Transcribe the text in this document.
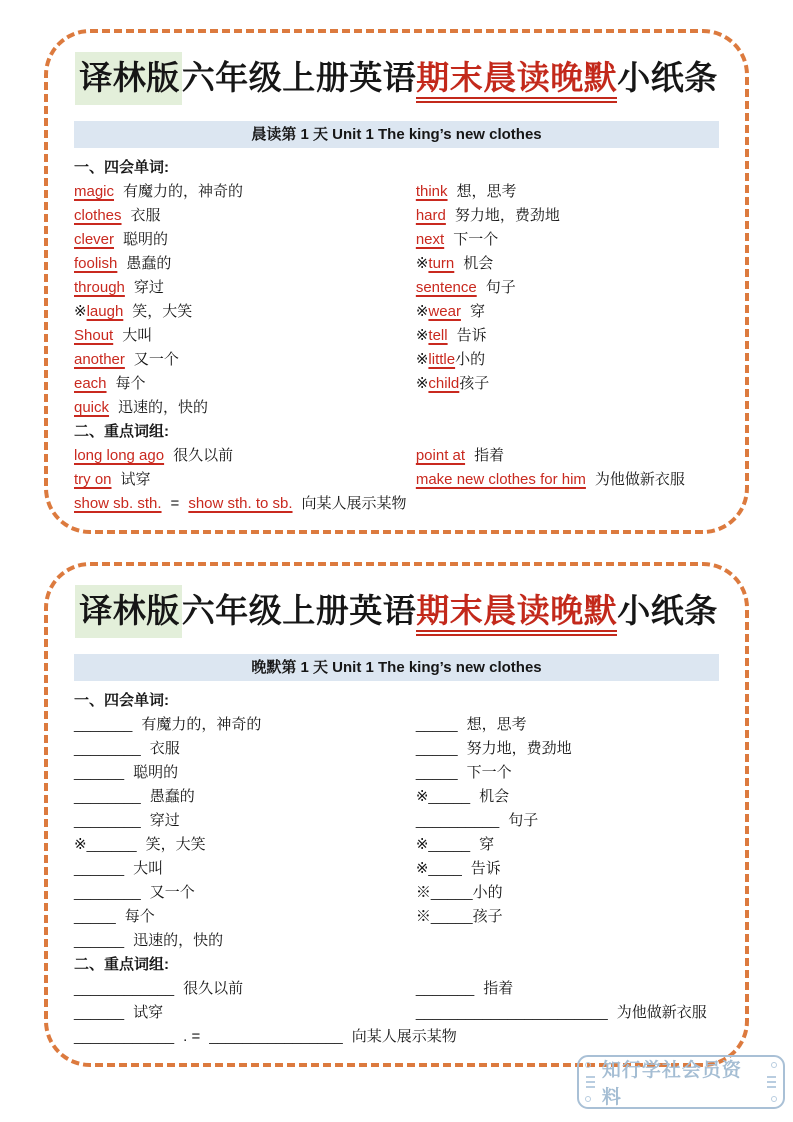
译林版六年级上册英语期末晨读晚默小纸条
晨读第 1 天 Unit 1 The king’s new clothes
一、四会单词:
magic 有魔力的，神奇的
clothes 衣服
clever 聪明的
foolish 愚蠢的
through 穿过
※laugh 笑，大笑
Shout 大叫
another 又一个
each 每个
quick 迅速的，快的
think 想，思考
hard 努力地，费劲地
next 下一个
※turn 机会
sentence 句子
※wear 穿
※tell 告诉
※little小的
※child孩子
二、重点词组:
long long ago 很久以前
try on 试穿
point at 指着
make new clothes for him 为他做新衣服
show sb. sth. = show sth. to sb. 向某人展示某物
译林版六年级上册英语期末晨读晚默小纸条
晚默第 1 天 Unit 1 The king’s new clothes
一、四会单词:
_______ 有魔力的，神奇的
________ 衣服
______ 聪明的
________ 愚蠢的
________ 穿过
※______ 笑，大笑
______ 大叫
________ 又一个
_____ 每个
______ 迅速的，快的
_____ 想，思考
_____ 努力地，费劲地
_____ 下一个
※_____ 机会
__________ 句子
※_____ 穿
※____ 告诉
※_____小的
※_____孩子
二、重点词组:
____________ 很久以前
______ 试穿
_______ 指着
_______________________ 为他做新衣服
____________ . = ________________ 向某人展示某物
知行学社会员资料
